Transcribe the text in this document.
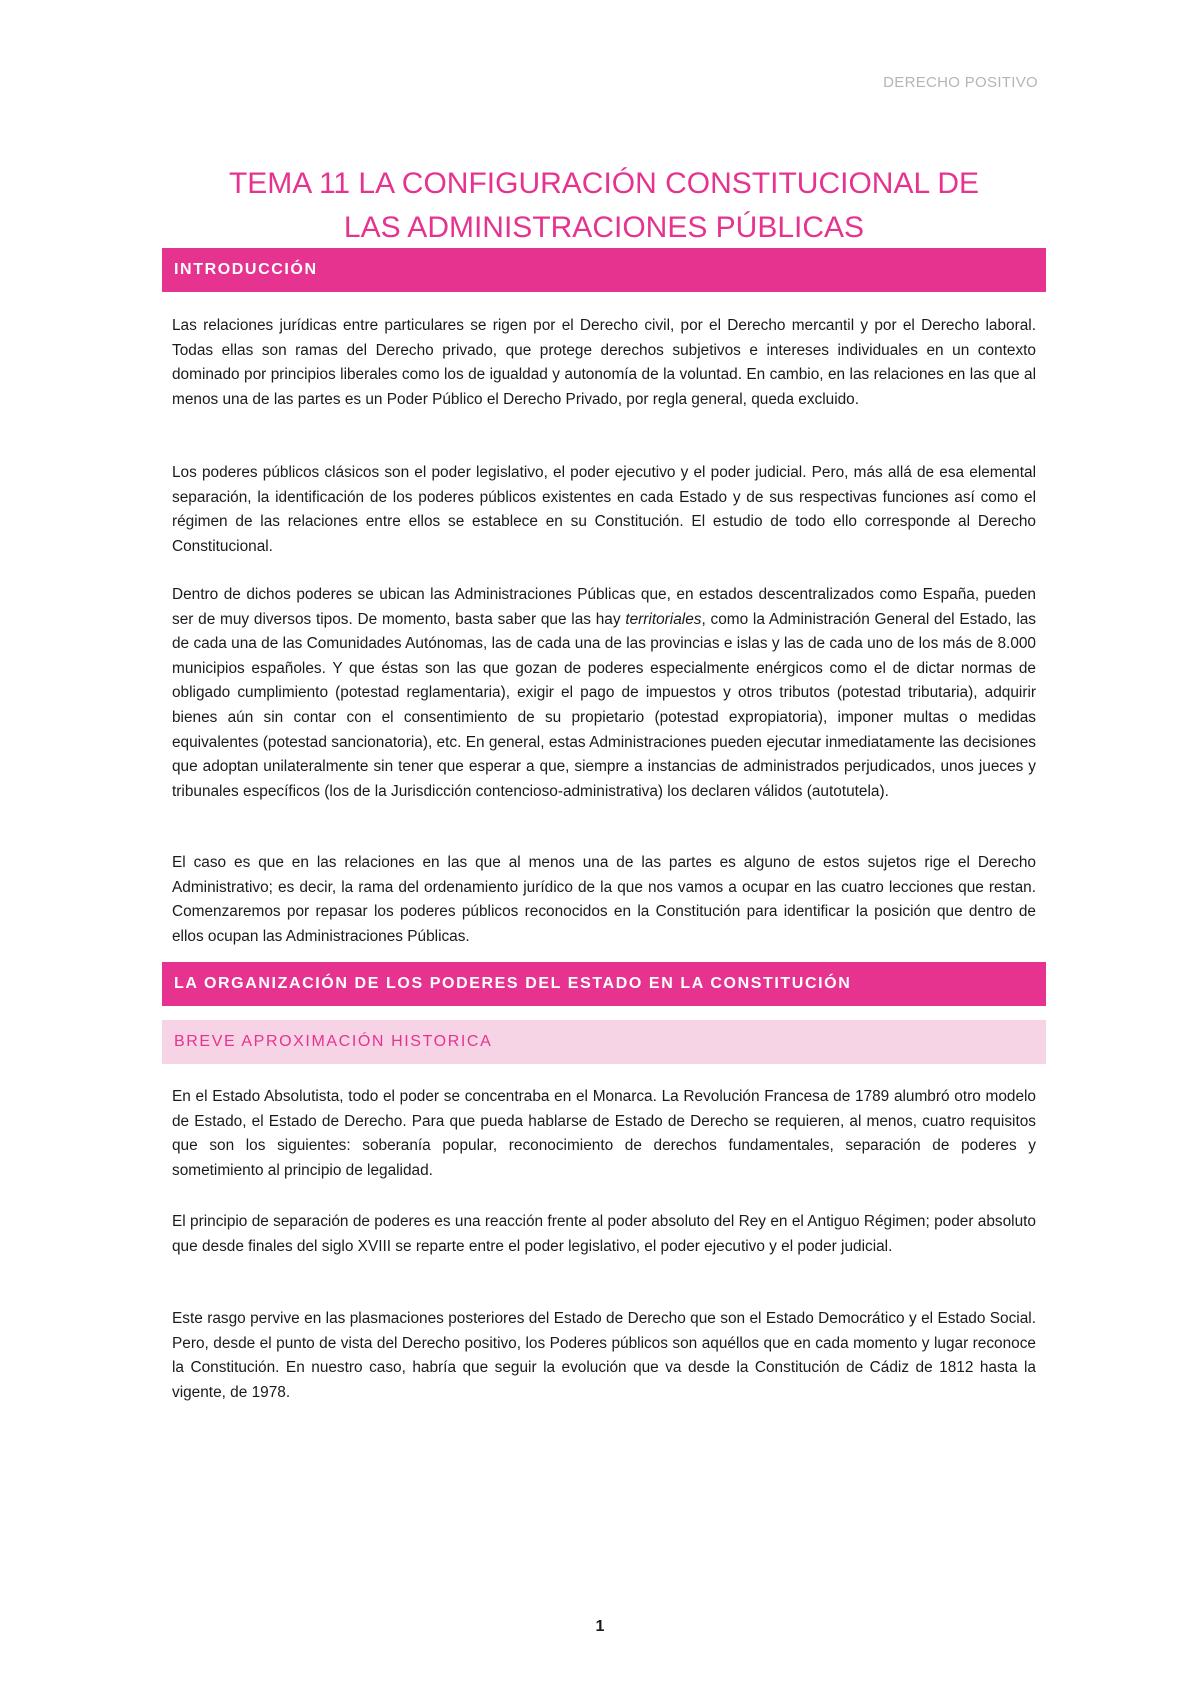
DERECHO POSITIVO
TEMA 11 LA CONFIGURACIÓN CONSTITUCIONAL DE
LAS ADMINISTRACIONES PÚBLICAS
INTRODUCCIÓN

Las relaciones jurídicas entre particulares se rigen por el Derecho civil, por el Derecho mercantil y por el Derecho laboral. Todas ellas son ramas del Derecho privado, que protege derechos subjetivos e intereses individuales en un contexto dominado por principios liberales como los de igualdad y autonomía de la voluntad. En cambio, en las relaciones en las que al menos una de las partes es un Poder Público el Derecho Privado, por regla general, queda excluido.

Los poderes públicos clásicos son el poder legislativo, el poder ejecutivo y el poder judicial. Pero, más allá de esa elemental separación, la identificación de los poderes públicos existentes en cada Estado y de sus respectivas funciones así como el régimen de las relaciones entre ellos se establece en su Constitución. El estudio de todo ello corresponde al Derecho Constitucional.

Dentro de dichos poderes se ubican las Administraciones Públicas que, en estados descentralizados como España, pueden ser de muy diversos tipos. De momento, basta saber que las hay territoriales, como la Administración General del Estado, las de cada una de las Comunidades Autónomas, las de cada una de las provincias e islas y las de cada uno de los más de 8.000 municipios españoles. Y que éstas son las que gozan de poderes especialmente enérgicos como el de dictar normas de obligado cumplimiento (potestad reglamentaria), exigir el pago de impuestos y otros tributos (potestad tributaria), adquirir bienes aún sin contar con el consentimiento de su propietario (potestad expropiatoria), imponer multas o medidas equivalentes (potestad sancionatoria), etc. En general, estas Administraciones pueden ejecutar inmediatamente las decisiones que adoptan unilateralmente sin tener que esperar a que, siempre a instancias de administrados perjudicados, unos jueces y tribunales específicos (los de la Jurisdicción contencioso-administrativa) los declaren válidos (autotutela).

El caso es que en las relaciones en las que al menos una de las partes es alguno de estos sujetos rige el Derecho Administrativo; es decir, la rama del ordenamiento jurídico de la que nos vamos a ocupar en las cuatro lecciones que restan. Comenzaremos por repasar los poderes públicos reconocidos en la Constitución para identificar la posición que dentro de ellos ocupan las Administraciones Públicas.

LA ORGANIZACIÓN DE LOS PODERES DEL ESTADO EN LA CONSTITUCIÓN
BREVE APROXIMACIÓN HISTORICA

En el Estado Absolutista, todo el poder se concentraba en el Monarca. La Revolución Francesa de 1789 alumbró otro modelo de Estado, el Estado de Derecho. Para que pueda hablarse de Estado de Derecho se requieren, al menos, cuatro requisitos que son los siguientes: soberanía popular, reconocimiento de derechos fundamentales, separación de poderes y sometimiento al principio de legalidad.

El principio de separación de poderes es una reacción frente al poder absoluto del Rey en el Antiguo Régimen; poder absoluto que desde finales del siglo XVIII se reparte entre el poder legislativo, el poder ejecutivo y el poder judicial.

Este rasgo pervive en las plasmaciones posteriores del Estado de Derecho que son el Estado Democrático y el Estado Social. Pero, desde el punto de vista del Derecho positivo, los Poderes públicos son aquéllos que en cada momento y lugar reconoce la Constitución. En nuestro caso, habría que seguir la evolución que va desde la Constitución de Cádiz de 1812 hasta la vigente, de 1978.

1
